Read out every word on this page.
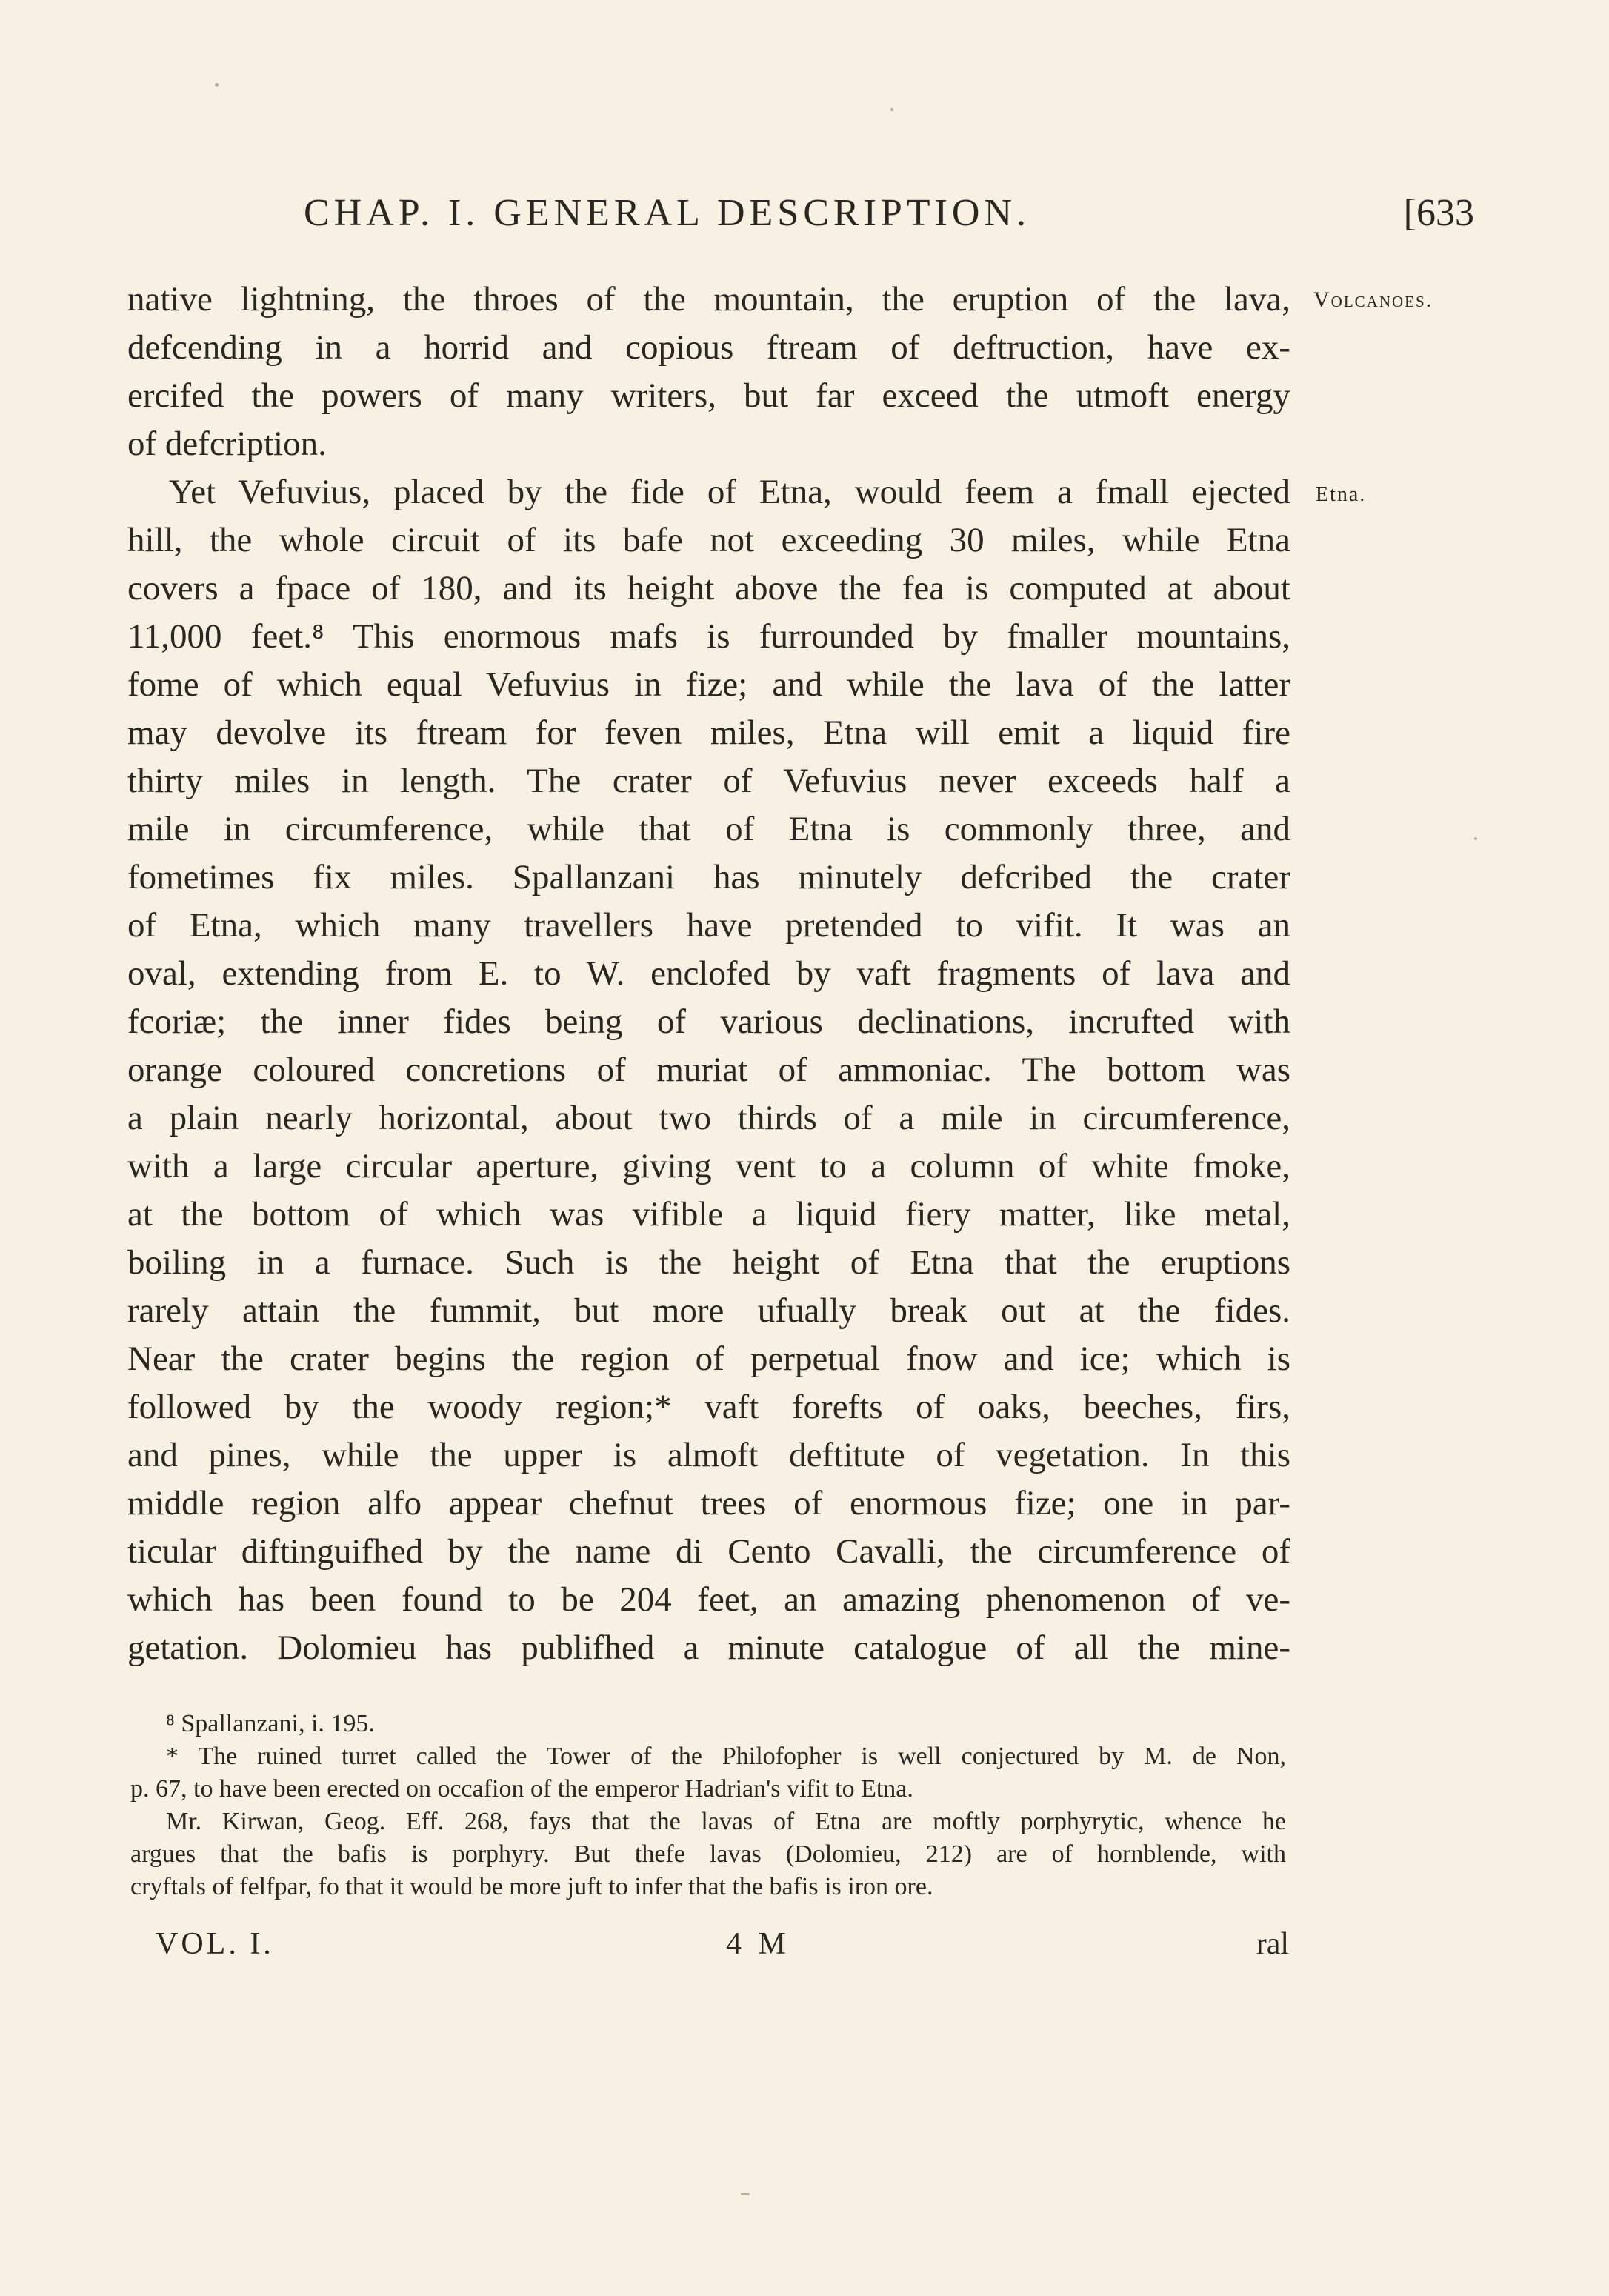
CHAP. I. GENERAL DESCRIPTION.	[633
Volcanoes.
Etna.
native lightning, the throes of the mountain, the eruption of the lava,
defcending in a horrid and copious ftream of deftruction, have ex-
ercifed the powers of many writers, but far exceed the utmoft energy
of defcription.
Yet Vefuvius, placed by the fide of Etna, would feem a fmall ejected
hill, the whole circuit of its bafe not exceeding 30 miles, while Etna
covers a fpace of 180, and its height above the fea is computed at about
11,000 feet.⁸ This enormous mafs is furrounded by fmaller mountains,
fome of which equal Vefuvius in fize; and while the lava of the latter
may devolve its ftream for feven miles, Etna will emit a liquid fire
thirty miles in length. The crater of Vefuvius never exceeds half a
mile in circumference, while that of Etna is commonly three, and
fometimes fix miles. Spallanzani has minutely defcribed the crater
of Etna, which many travellers have pretended to vifit. It was an
oval, extending from E. to W. enclofed by vaft fragments of lava and
fcoriæ; the inner fides being of various declinations, incrufted with
orange coloured concretions of muriat of ammoniac. The bottom was
a plain nearly horizontal, about two thirds of a mile in circumference,
with a large circular aperture, giving vent to a column of white fmoke,
at the bottom of which was vifible a liquid fiery matter, like metal,
boiling in a furnace. Such is the height of Etna that the eruptions
rarely attain the fummit, but more ufually break out at the fides.
Near the crater begins the region of perpetual fnow and ice; which is
followed by the woody region;* vaft forefts of oaks, beeches, firs,
and pines, while the upper is almoft deftitute of vegetation. In this
middle region alfo appear chefnut trees of enormous fize; one in par-
ticular diftinguifhed by the name di Cento Cavalli, the circumference of
which has been found to be 204 feet, an amazing phenomenon of ve-
getation. Dolomieu has publifhed a minute catalogue of all the mine-
⁸ Spallanzani, i. 195.
* The ruined turret called the Tower of the Philofopher is well conjectured by M. de Non,
p. 67, to have been erected on occafion of the emperor Hadrian's vifit to Etna.
Mr. Kirwan, Geog. Eff. 268, fays that the lavas of Etna are moftly porphyrytic, whence he
argues that the bafis is porphyry. But thefe lavas (Dolomieu, 212) are of hornblende, with
cryftals of felfpar, fo that it would be more juft to infer that the bafis is iron ore.
VOL. I.	4 M	ral
